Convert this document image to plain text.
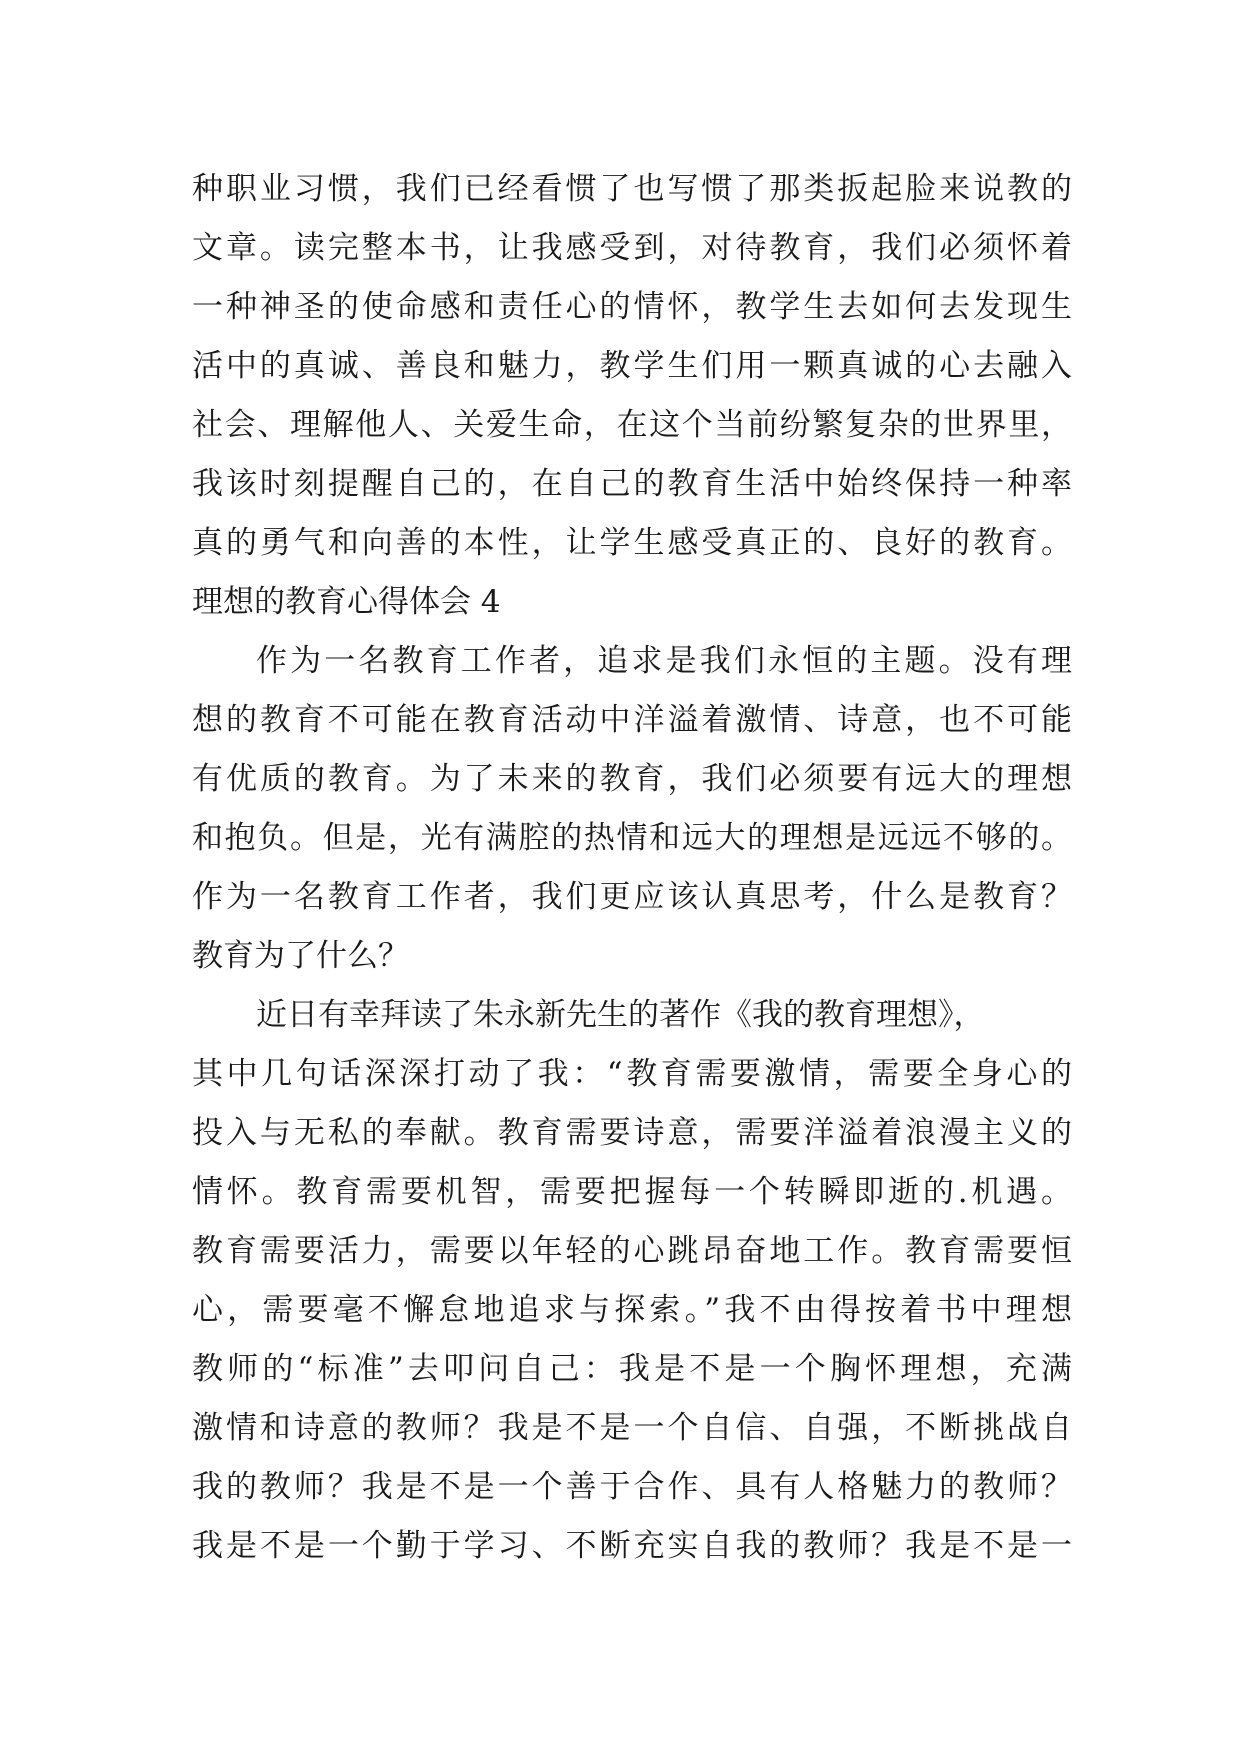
种职业习惯，我们已经看惯了也写惯了那类扳起脸来说教的
文章。读完整本书，让我感受到，对待教育，我们必须怀着
一种神圣的使命感和责任心的情怀，教学生去如何去发现生
活中的真诚、善良和魅力，教学生们用一颗真诚的心去融入
社会、理解他人、关爱生命，在这个当前纷繁复杂的世界里，
我该时刻提醒自己的，在自己的教育生活中始终保持一种率
真的勇气和向善的本性，让学生感受真正的、良好的教育。
理想的教育心得体会 4
作为一名教育工作者，追求是我们永恒的主题。没有理
想的教育不可能在教育活动中洋溢着激情、诗意，也不可能
有优质的教育。为了未来的教育，我们必须要有远大的理想
和抱负。但是，光有满腔的热情和远大的理想是远远不够的。
作为一名教育工作者，我们更应该认真思考，什么是教育？
教育为了什么？
近日有幸拜读了朱永新先生的著作《我的教育理想》，
其中几句话深深打动了我：“教育需要激情，需要全身心的
投入与无私的奉献。教育需要诗意，需要洋溢着浪漫主义的
情怀。教育需要机智，需要把握每一个转瞬即逝的.机遇。
教育需要活力，需要以年轻的心跳昂奋地工作。教育需要恒
心，需要毫不懈怠地追求与探索。”我不由得按着书中理想
教师的“标准”去叩问自己：我是不是一个胸怀理想，充满
激情和诗意的教师？我是不是一个自信、自强，不断挑战自
我的教师？我是不是一个善于合作、具有人格魅力的教师？
我是不是一个勤于学习、不断充实自我的教师？我是不是一
